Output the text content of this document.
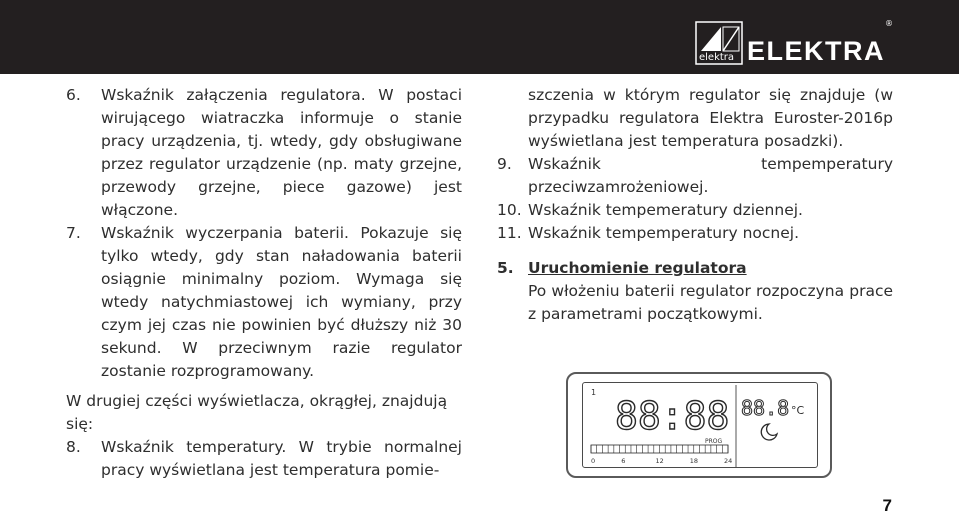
elektra ELEKTRA
®
6.	Wskaźnik załączenia regulatora. W postaci wirującego wiatraczka informuje o stanie pracy urządzenia, tj. wtedy, gdy obsługiwane przez regulator urządzenie (np. maty grzejne, przewody grzejne, piece gazowe) jest włączone.
7.	Wskaźnik wyczerpania baterii. Pokazuje się tylko wtedy, gdy stan naładowania baterii osiągnie minimalny poziom. Wymaga się wtedy natychmiastowej ich wymiany, przy czym jej czas nie powinien być dłuższy niż 30 sekund. W przeciwnym razie regulator zostanie rozprogramowany.
W drugiej części wyświetlacza, okrągłej, znajdują się:
8.	Wskaźnik temperatury. W trybie normalnej pracy wyświetlana jest temperatura pomie-
szczenia w którym regulator się znajduje (w przypadku regulatora Elektra Euroster-2016p wyświetlana jest temperatura posadzki).
9.	Wskaźnik tempemperatury przeciwzamrożeniowej.
10. Wskaźnik tempemeratury dziennej.
11. Wskaźnik tempemperatury nocnej.
5. Uruchomienie regulatora
Po włożeniu baterii regulator rozpoczyna prace z parametrami początkowymi.
1
88:88 88.8 °C
PROG
0	6	12	18	24
7
